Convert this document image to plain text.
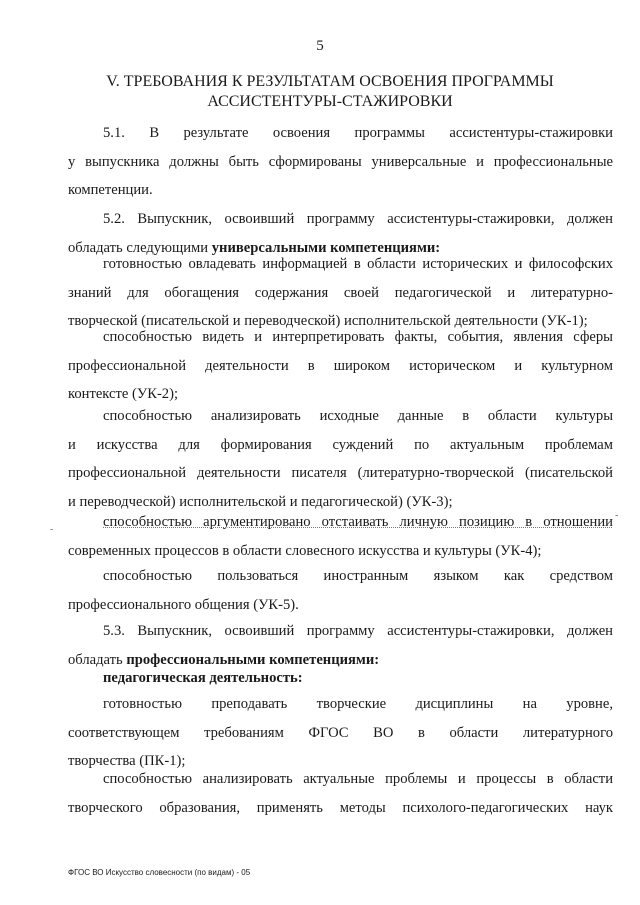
5
V. ТРЕБОВАНИЯ К РЕЗУЛЬТАТАМ ОСВОЕНИЯ ПРОГРАММЫ
АССИСТЕНТУРЫ-СТАЖИРОВКИ
5.1. В результате освоения программы ассистентуры-стажировки
у выпускника должны быть сформированы универсальные и профессиональные
компетенции.
5.2. Выпускник, освоивший программу ассистентуры-стажировки, должен
обладать следующими универсальными компетенциями:
готовностью овладевать информацией в области исторических и философских
знаний для обогащения содержания своей педагогической и литературно-
творческой (писательской и переводческой) исполнительской деятельности (УК-1);
способностью видеть и интерпретировать факты, события, явления сферы
профессиональной деятельности в широком историческом и культурном
контексте (УК-2);
способностью анализировать исходные данные в области культуры
и искусства для формирования суждений по актуальным проблемам
профессиональной деятельности писателя (литературно-творческой (писательской
и переводческой) исполнительской и педагогической) (УК-3);
-
-
способностью аргументировано отстаивать личную позицию в отношении
современных процессов в области словесного искусства и культуры (УК-4);
способностью пользоваться иностранным языком как средством
профессионального общения (УК-5).
5.3. Выпускник, освоивший программу ассистентуры-стажировки, должен
обладать профессиональными компетенциями:
педагогическая деятельность:
готовностью преподавать творческие дисциплины на уровне,
соответствующем требованиям ФГОС ВО в области литературного
творчества (ПК-1);
способностью анализировать актуальные проблемы и процессы в области
творческого образования, применять методы психолого-педагогических наук
ФГОС ВО Искусство словесности (по видам) - 05
